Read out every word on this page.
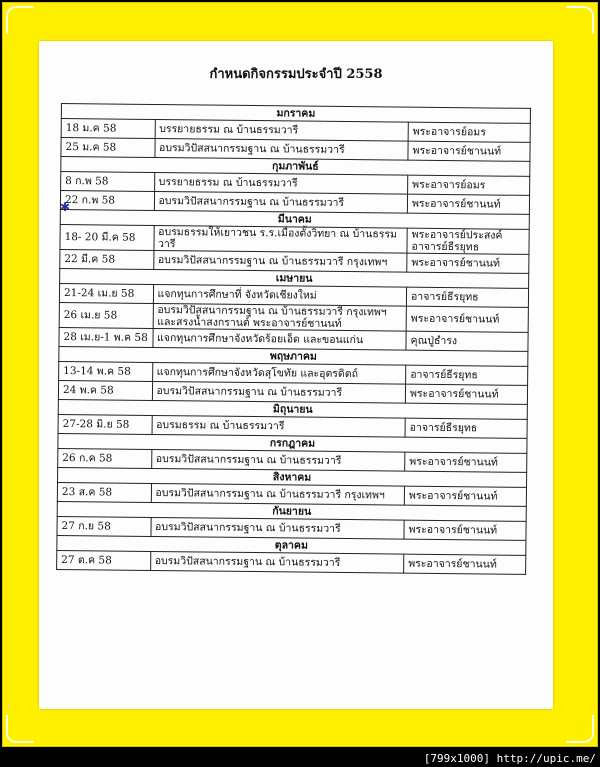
กำหนดกิจกรรมประจำปี 2558
✱
มกราคม		
18 ม.ค 58	บรรยายธรรม ณ บ้านธรรมวารี	พระอาจารย์อมร

25 ม.ค 58	อบรมวิปัสสนากรรมฐาน ณ บ้านธรรมวารี	พระอาจารย์ชานนท์

กุมภาพันธ์		
8 ก.พ 58	บรรยายธรรม ณ บ้านธรรมวารี	พระอาจารย์อมร

22 ก.พ 58	อบรมวิปัสสนากรรมฐาน ณ บ้านธรรมวารี	พระอาจารย์ชานนท์

มีนาคม		
18- 20 มี.ค 58	อบรมธรรมให้เยาวชน ร.ร.เมืองตั้งวิทยา ณ บ้านธรรมวารี	พระอาจารย์ประสงค์
อาจารย์ธีรยุทธ

22 มี.ค 58	อบรมวิปัสสนากรรมฐาน ณ บ้านธรรมวารี กรุงเทพฯ	พระอาจารย์ชานนท์

เมษายน		
21-24 เม.ย 58	แจกทุนการศึกษาที่ จังหวัดเชียงใหม่	อาจารย์ธีรยุทธ

26 เม.ย 58	อบรมวิปัสสนากรรมฐาน ณ บ้านธรรมวารี กรุงเทพฯ
และสรงน้ำสงกรานต์ พระอาจารย์ชานนท์	พระอาจารย์ชานนท์

28 เม.ย-1 พ.ค 58	แจกทุนการศึกษาจังหวัดร้อยเอ็ด และขอนแก่น	คุณปู่ธำรง

พฤษภาคม		
13-14 พ.ค 58	แจกทุนการศึกษาจังหวัดสุโขทัย และอุตรดิตถ์	อาจารย์ธีรยุทธ

24 พ.ค 58	อบรมวิปัสสนากรรมฐาน ณ บ้านธรรมวารี	พระอาจารย์ชานนท์

มิถุนายน		
27-28 มิ.ย 58	อบรมธรรม ณ บ้านธรรมวารี	อาจารย์ธีรยุทธ

กรกฎาคม		
26 ก.ค 58	อบรมวิปัสสนากรรมฐาน ณ บ้านธรรมวารี	พระอาจารย์ชานนท์

สิงหาคม		
23 ส.ค 58	อบรมวิปัสสนากรรมฐาน ณ บ้านธรรมวารี กรุงเทพฯ	พระอาจารย์ชานนท์

กันยายน		
27 ก.ย 58	อบรมวิปัสสนากรรมฐาน ณ บ้านธรรมวารี	พระอาจารย์ชานนท์

ตุลาคม		
27 ต.ค 58	อบรมวิปัสสนากรรมฐาน ณ บ้านธรรมวารี	พระอาจารย์ชานนท์
[799x1000] http://upic.me/
